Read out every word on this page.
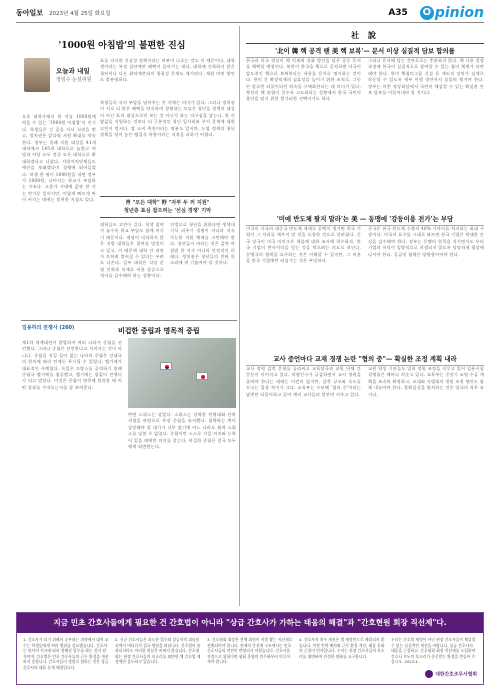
동아일보 2023년 4월 25일 화요일	A35 O pinion
'1000원 아침밥'의 불편한 진심
오늘과 내일
정임수 논설위원
표를 의식한 선심성 정책이라는 비판이 나오는 것도 이 때문이다. 대학생이라는 특정 집단에만 혜택이 돌아가는 데다, 대학에 진학하지 않은 청년이나 다른 취약계층과의 형평성 문제도 제기된다. 재원 마련 방안도 불분명하다.
오후 대학가에서 한 끼를 1000원에 먹을 수 있는 '1000원 아침밥'이 인기다. 학생들은 긴 줄을 서서 식권을 받고, 정치권은 앞다퉈 지원 확대를 약속한다. 정부는 올해 지원 대상을 41개 대학에서 145개 대학으로 늘렸고 여당과 야당 모두 전국 모든 대학으로 확대하겠다고 나섰다. 지방자치단체들도 예산을 보태겠다며 경쟁에 뛰어들었다. 학생 한 명이 1000원을 내면 정부가 1000원, 나머지는 학교가 부담하는 구조다. 고물가 시대에 값싼 한 끼는 반가운 일이지만, 이렇게 빠르게 판이 커지는 데에는 불편한 지점도 있다.
학생들의 식비 부담을 덜어주는 것 자체는 의미가 있다. 그러나 정치권이 서로 더 많은 혜택을 약속하며 경쟁하는 모습은 청년을 정책의 대상이 아닌 표의 대상으로만 보는 것 아닌가 하는 의구심을 낳는다. 한 끼 밥값을 지원하는 것보다 더 근본적인 청년 일자리와 주거 문제에 대한 고민이 먼저다. 쌀 소비 촉진이라는 명분도 있지만, 농업 정책과 청년 정책을 섞어 놓은 땜질식 처방이라는 지적을 피하기 어렵다.
靑 "모든 대학" 野 "자부 두 끼 지원"
청년층 표심 잡으려는 '선심 경쟁' 기막
대학들도 고민이 깊다. 학생 참여가 늘수록 학교 부담도 함께 커지기 때문이다. 재정이 넉넉하지 않은 지방 대학들은 참여를 망설이고 있고, 이 때문에 대학 간 격차가 오히려 벌어질 수 있다는 우려도 나온다. 일부 대학은 식당 운영 인력과 식재료 비용 상승으로 적자를 감수해야 하는 상황이다.
진정으로 청년을 위한다면 생색내기식 퍼주기 경쟁이 아니라 지속 가능한 지원 체계를 고민해야 한다. 청년들이 바라는 것은 값싼 아침밥 한 끼가 아니라 안정적인 미래다. 정치권은 청년들의 진짜 목소리에 귀 기울여야 할 것이다.
임용하의 전쟁사 (260)	비겁한 중립과 명목적 중립
제1차 세계대전이 발발하자 여러 나라가 중립을 선언했다. 그러나 중립은 선언한다고 지켜지는 것이 아니다. 중립을 지킬 힘이 없는 나라의 중립은 강대국의 편의에 따라 언제든 무시될 수 있었다. 벨기에가 대표적인 사례였다. 독일은 프랑스를 공격하기 위해 중립국 벨기에를 침공했고, 벨기에는 힘없이 전쟁터가 되고 말았다. 이것은 중립이 명목에 불과할 때 어떤 결과를 가져오는지를 잘 보여준다.
반면 스위스는 달랐다. 스위스는 강력한 민병대와 산악 지형을 바탕으로 무장 중립을 유지했다. 침략하는 쪽이 감당해야 할 대가가 너무 컸기에 어느 나라도 쉽게 스위스를 넘볼 수 없었다. 중립이란 스스로 지킬 의지와 능력이 있을 때에만 의미를 갖는다. 비겁한 중립은 결국 모두에게 외면받는다.
社 說
'北이 韓 핵 공격 땐 美 핵 보복'— 문서 이상 실질적 담보 합의를
한국과 미국 정상이 핵 억제력 강화 방안을 담은 공동 문서를 채택할 예정이다. 북한이 한국을 핵으로 공격하면 미국이 압도적인 핵으로 보복한다는 내용을 문서로 명시하는 것이다. 한미 간 확장억제의 실효성을 높이기 위한 조치로, 그동안 말로만 되풀이되던 약속을 구체화한다는 데 의미가 있다. 북한의 핵 위협이 갈수록 고도화되는 상황에서 한국 국민의 불안을 덜기 위한 불가피한 선택이기도 하다.
그러나 문서에 담는 것만으로는 충분하지 않다. 핵 사용 결정 과정에 한국이 실질적으로 참여할 수 있는 협의 체계가 마련돼야 한다. 한미 핵협의그룹 신설 등 제도적 장치가 실제로 작동할 수 있도록 세부 이행 방안까지 꼼꼼히 챙겨야 한다. 정부는 이번 정상회담에서 국민이 체감할 수 있는 확실한 안보 담보를 이끌어내야 할 것이다.
'미에 반도체 팔지 말라'는 美 — 동맹에 '강등이용 전가'는 부당
미국이 자국의 대중국 반도체 제재로 공백이 생기면 한국 기업이 그 자리를 채우지 말 것을 요청한 것으로 알려졌다. 중국 당국이 미국 마이크론 제품에 대한 조사에 착수하자, 한국 기업이 반사이익을 얻는 것을 막으려는 의도로 보인다. 동맹국의 협력을 요구하는 것은 이해할 수 있지만, 그 비용을 한국 기업에만 떠넘기는 것은 부당하다.
중국은 한국 반도체 수출의 40% 가까이를 차지하는 최대 시장이다. 미국의 요구를 그대로 따르면 한국 기업은 막대한 손실을 감수해야 한다. 정부는 동맹의 원칙을 지키면서도 우리 기업의 이익이 일방적으로 희생되지 않도록 당당하게 협상에 나서야 한다. 공급망 협력은 양방향이어야 한다.
교사 증언마다 교재 경쟁 논란 "협의 중"— 확실한 조정 계획 내라
교사 정원 감축 문제를 둘러싸고 교육당국과 교원 단체 간 갈등이 이어지고 있다. 학령인구가 급감하면서 교사 정원을 줄여야 한다는 데에는 이견이 없지만, 감축 규모와 속도를 두고는 입장 차이가 크다. 교육부는 수년째 '협의 중'이라는 답변만 되풀이하고 있어 예비 교사들의 불안만 키우고 있다.
교원 양성 기관들도 입학 정원 조정을 미루고 있어 임용시험 경쟁률은 해마다 치솟고 있다. 교육부는 중장기 교원 수급 계획을 조속히 확정하고, 교대와 사범대의 정원 조정 방안도 함께 내놓아야 한다. 불확실성을 방치하는 것은 당국의 직무 유기다.
지금 민초 간호사들에게 필요한 건 간호법이 아니라 "상급 간호사가 가하는 태움의 해결"과 "간호현원 회장 직선제"다.
1. 간호사가 되기 위해서 공부하는 과정에서 대학 교수는 학생들에게 여러 행위를 강요했습니다. 간호사는 의사의 지시에 따라 정해진 업무를 하는 것이 원칙이며, 간호법은 민초 간호사들의 근무 환경을 개선하지 못합니다. 간호사들이 정말로 원하는 것은 상급 간호사의 태움 문제 해결입니다.
2. 신규 간호사들은 과도한 업무와 상급자의 괴롭힘 속에서 버티다가 결국 병원을 떠납니다. 간호법이 통과되더라도 이러한 현실은 바뀌지 않습니다. 간호협회는 현장 간호사들의 목소리를 외면한 채 간호법 제정에만 몰두하고 있습니다.
3. 간호협회 회장은 전체 회원이 직접 뽑는 직선제로 선출되어야 합니다. 현재의 간선제 구조에서는 민초 간호사들의 의견이 반영되기 어렵습니다. 간호사를 진정으로 위한다면 협회 운영의 민주화부터 이루어져야 합니다.
4. 간호사의 처우 개선은 법 제정만으로 해결되지 않습니다. 적정 인력 배치와 근무 환경 개선, 태움 문화의 근절이 먼저입니다. 우리는 현장 간호사들의 목소리를 대변하여 진정한 변화를 요구합니다.
우리는 간호법 제정이 아닌 현장 간호사들이 체감할 수 있는 실질적인 개선을 바랍니다. 상급 간호사의 태움을 근절하고, 간호협회 회장 직선제를 도입하여 간호사 모두의 목소리가 존중받는 환경을 만들어 주십시오. 2023.4.
대한간호조무사협회
